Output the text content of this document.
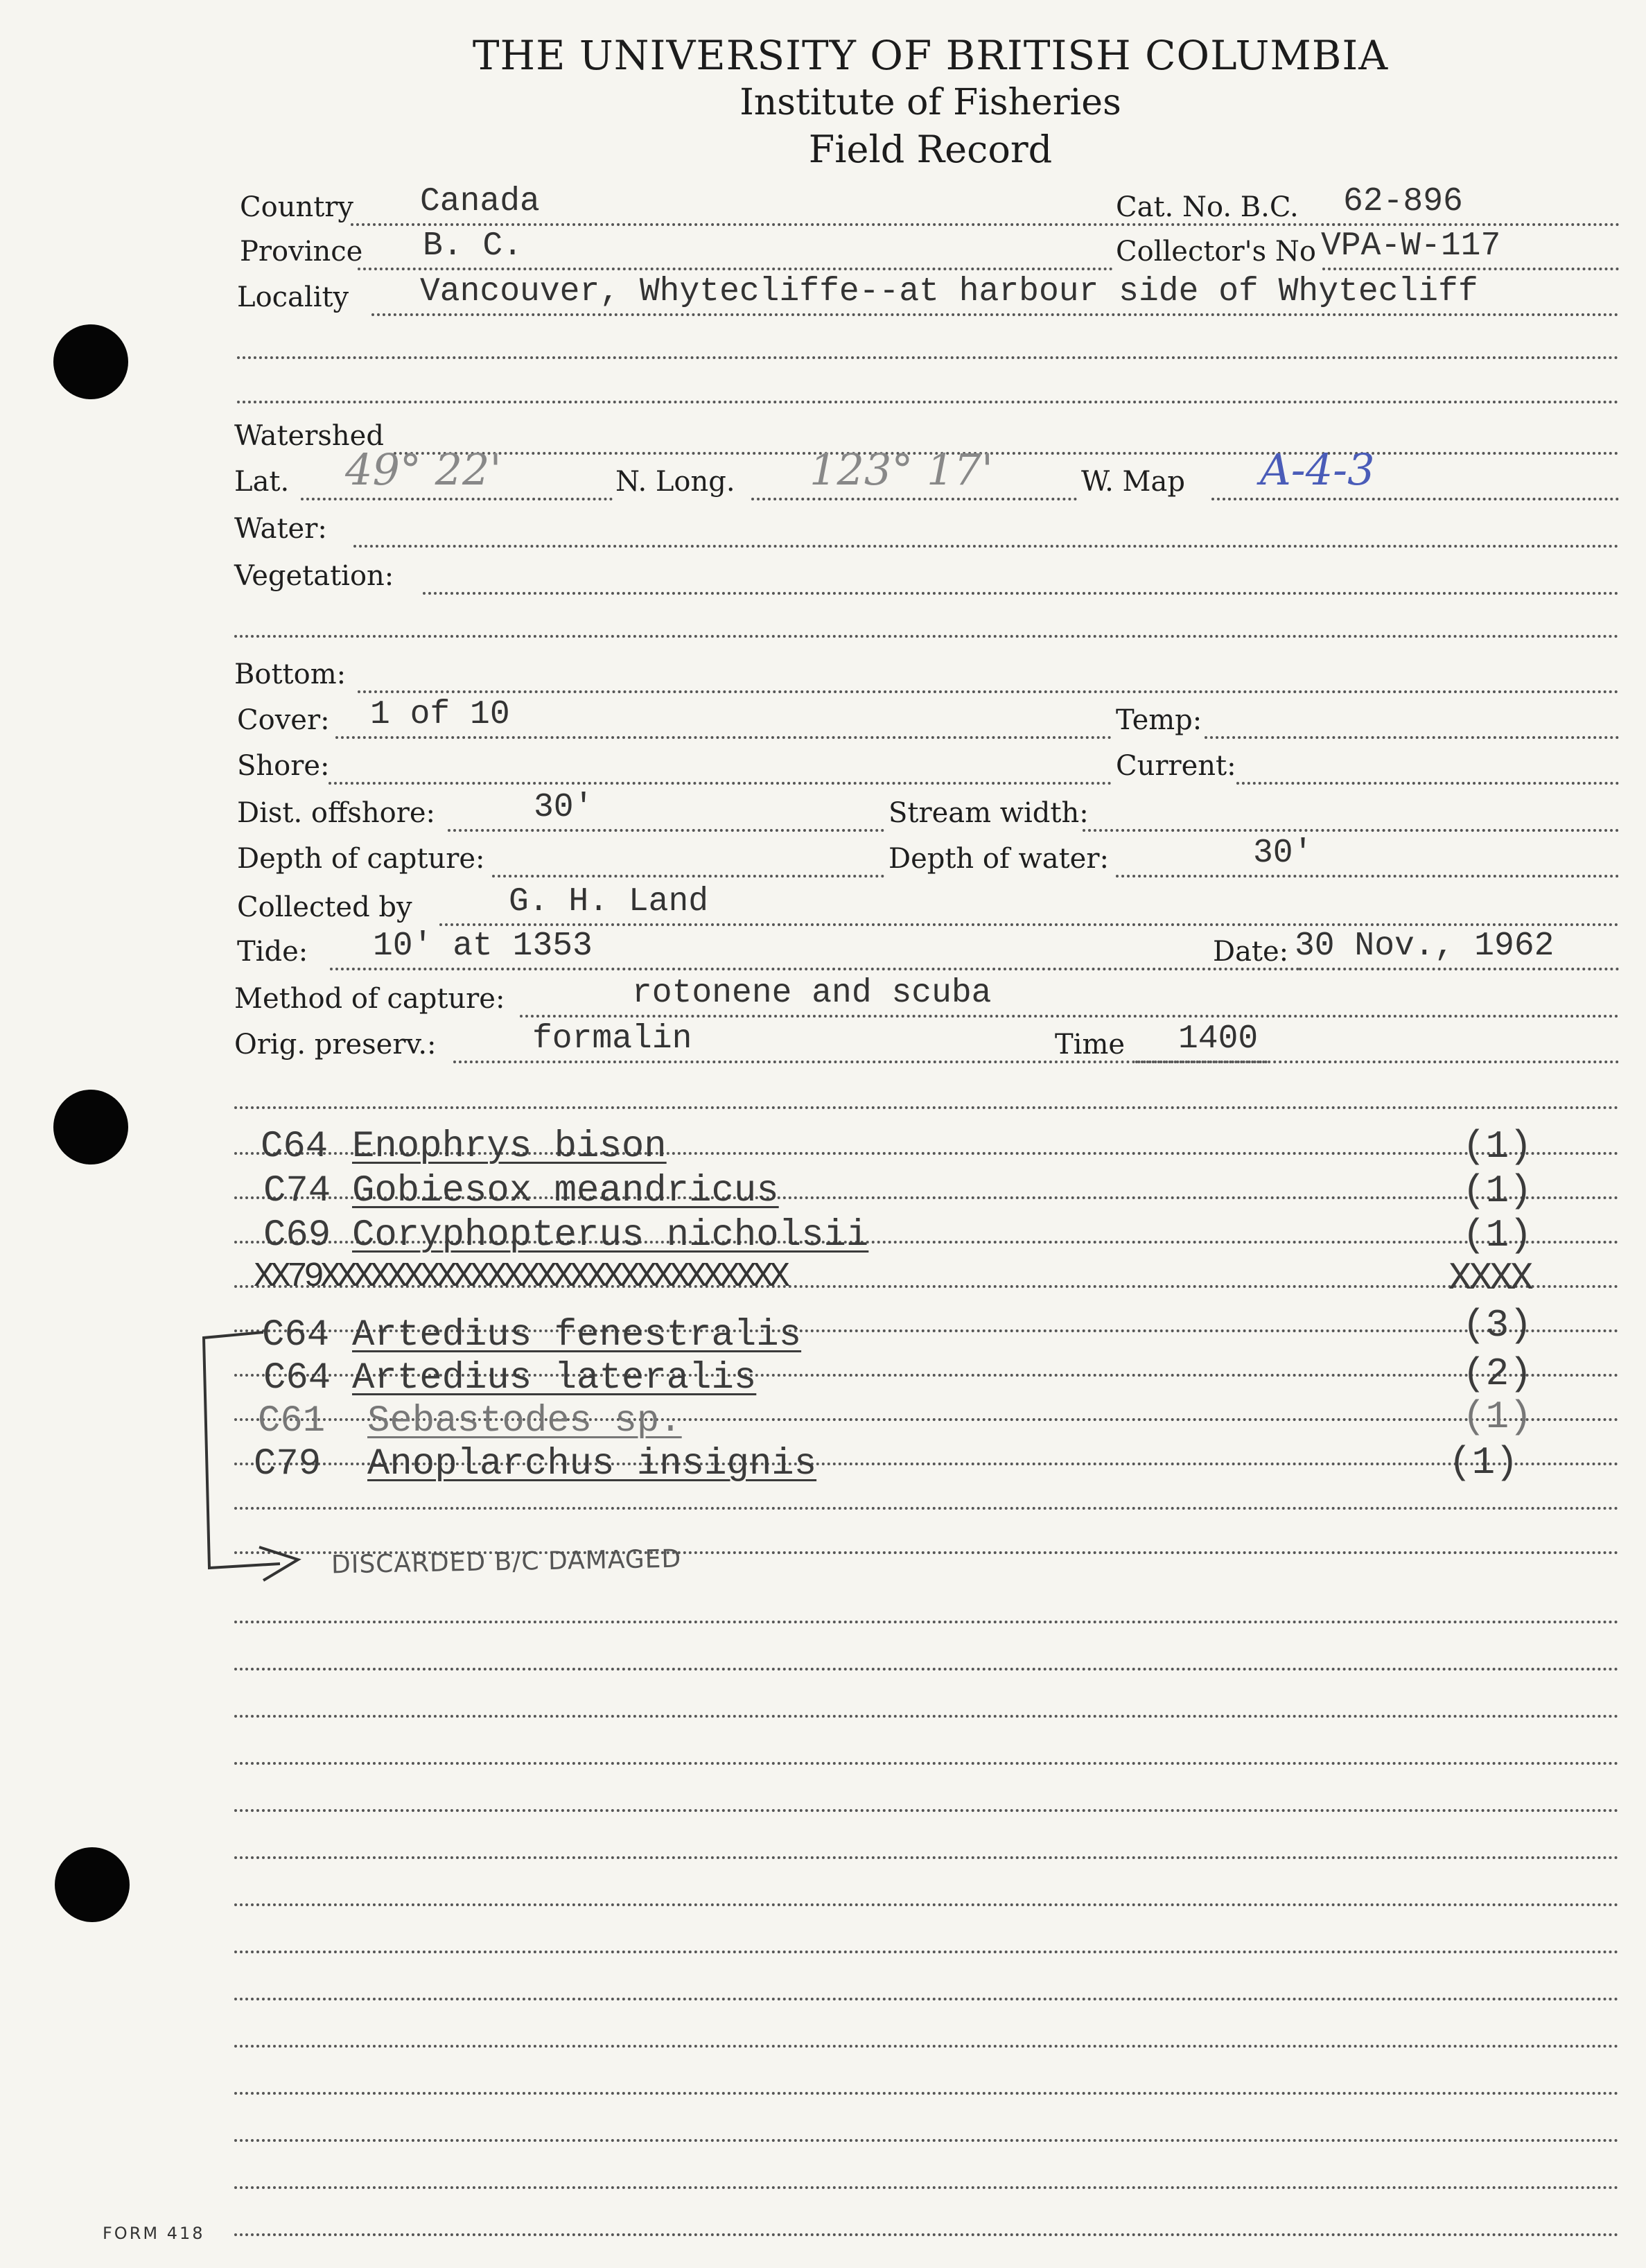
THE UNIVERSITY OF BRITISH COLUMBIA
Institute of Fisheries
Field Record
Country Canada	Cat. No. B.C. 62-896
Province B. C.	Collector's No VPA-W-117
Locality Vancouver, Whytecliffe--at harbour side of Whytecliff
Watershed
Lat. 49° 22'	N. Long. 123° 17'	W. Map A-4-3
Water:
Vegetation:
Bottom:
Cover: 1 of 10	Temp:
Shore:	Current:
Dist. offshore:	30'	Stream width:
Depth of capture:	Depth of water:	30'
Collected by	G. H. Land
Tide: 10' at 1353	Date: 30 Nov., 1962
Method of capture:	rotonene and scuba
Orig. preserv.:	formalin	Time 1400
C64 Enophrys bison	(1)
C74 Gobiesox meandricus	(1)
C69 Coryphopterus nicholsii	(1)
XX79XXXXXXXXXXXXXXXXXXXXXXXXXXXX	XXXX
C64 Artedius fenestralis	(3)
C64 Artedius lateralis	(2)
C61 Sebastodes sp.	(1)
C79 Anoplarchus insignis	(1)
DISCARDED B/C DAMAGED
FORM 418
